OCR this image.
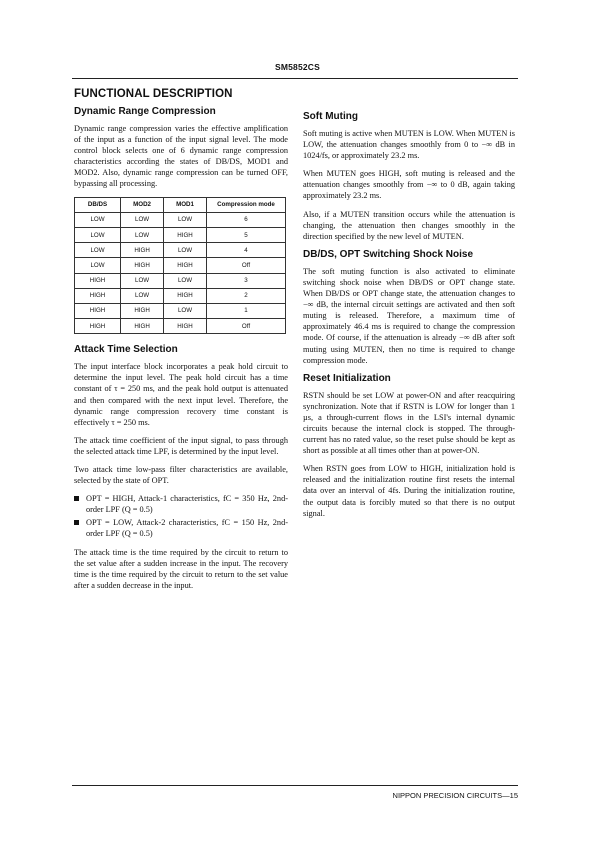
SM5852CS
FUNCTIONAL DESCRIPTION
Dynamic Range Compression

Dynamic range compression varies the effective amplification of the input as a function of the input signal level. The mode control block selects one of 6 dynamic range compression characteristics according the states of DB/DS, MOD1 and MOD2. Also, dynamic range compression can be turned OFF, bypassing all processing.

DB/DS	MOD2	MOD1	Compression mode
LOW	LOW	LOW	6
LOW	LOW	HIGH	5
LOW	HIGH	LOW	4
LOW	HIGH	HIGH	Off
HIGH	LOW	LOW	3
HIGH	LOW	HIGH	2
HIGH	HIGH	LOW	1
HIGH	HIGH	HIGH	Off
Attack Time Selection

The input interface block incorporates a peak hold circuit to determine the input level. The peak hold circuit has a time constant of τ = 250 ms, and the peak hold output is attenuated and then compared with the next input level. Therefore, the dynamic range compression recovery time constant is effectively τ = 250 ms.

The attack time coefficient of the input signal, to pass through the selected attack time LPF, is determined by the input level.

Two attack time low-pass filter characteristics are available, selected by the state of OPT.

OPT = HIGH, Attack-1 characteristics, fC = 350 Hz, 2nd-order LPF (Q = 0.5)
OPT = LOW, Attack-2 characteristics, fC = 150 Hz, 2nd-order LPF (Q = 0.5)

The attack time is the time required by the circuit to return to the set value after a sudden increase in the input. The recovery time is the time required by the circuit to return to the set value after a sudden decrease in the input.

Soft Muting

Soft muting is active when MUTEN is LOW. When MUTEN is LOW, the attenuation changes smoothly from 0 to −∞ dB in 1024/fs, or approximately 23.2 ms.

When MUTEN goes HIGH, soft muting is released and the attenuation changes smoothly from −∞ to 0 dB, again taking approximately 23.2 ms.

Also, if a MUTEN transition occurs while the attenuation is changing, the attenuation then changes smoothly in the direction specified by the new level of MUTEN.

DB/DS, OPT Switching Shock Noise

The soft muting function is also activated to eliminate switching shock noise when DB/DS or OPT change state. When DB/DS or OPT change state, the attenuation changes to −∞ dB, the internal circuit settings are activated and then soft muting is released. Therefore, a maximum time of approximately 46.4 ms is required to change the compression mode. Of course, if the attenuation is already −∞ dB after soft muting using MUTEN, then no time is required to change compression mode.

Reset Initialization

RSTN should be set LOW at power-ON and after reacquiring synchronization. Note that if RSTN is LOW for longer than 1 µs, a through-current flows in the LSI's internal dynamic circuits because the internal clock is stopped. The through-current has no rated value, so the reset pulse should be kept as short as possible at all times other than at power-ON.

When RSTN goes from LOW to HIGH, initialization hold is released and the initialization routine first resets the internal data over an interval of 4fs. During the initialization routine, the output data is forcibly muted so that there is no output signal.

NIPPON PRECISION CIRCUITS—15
